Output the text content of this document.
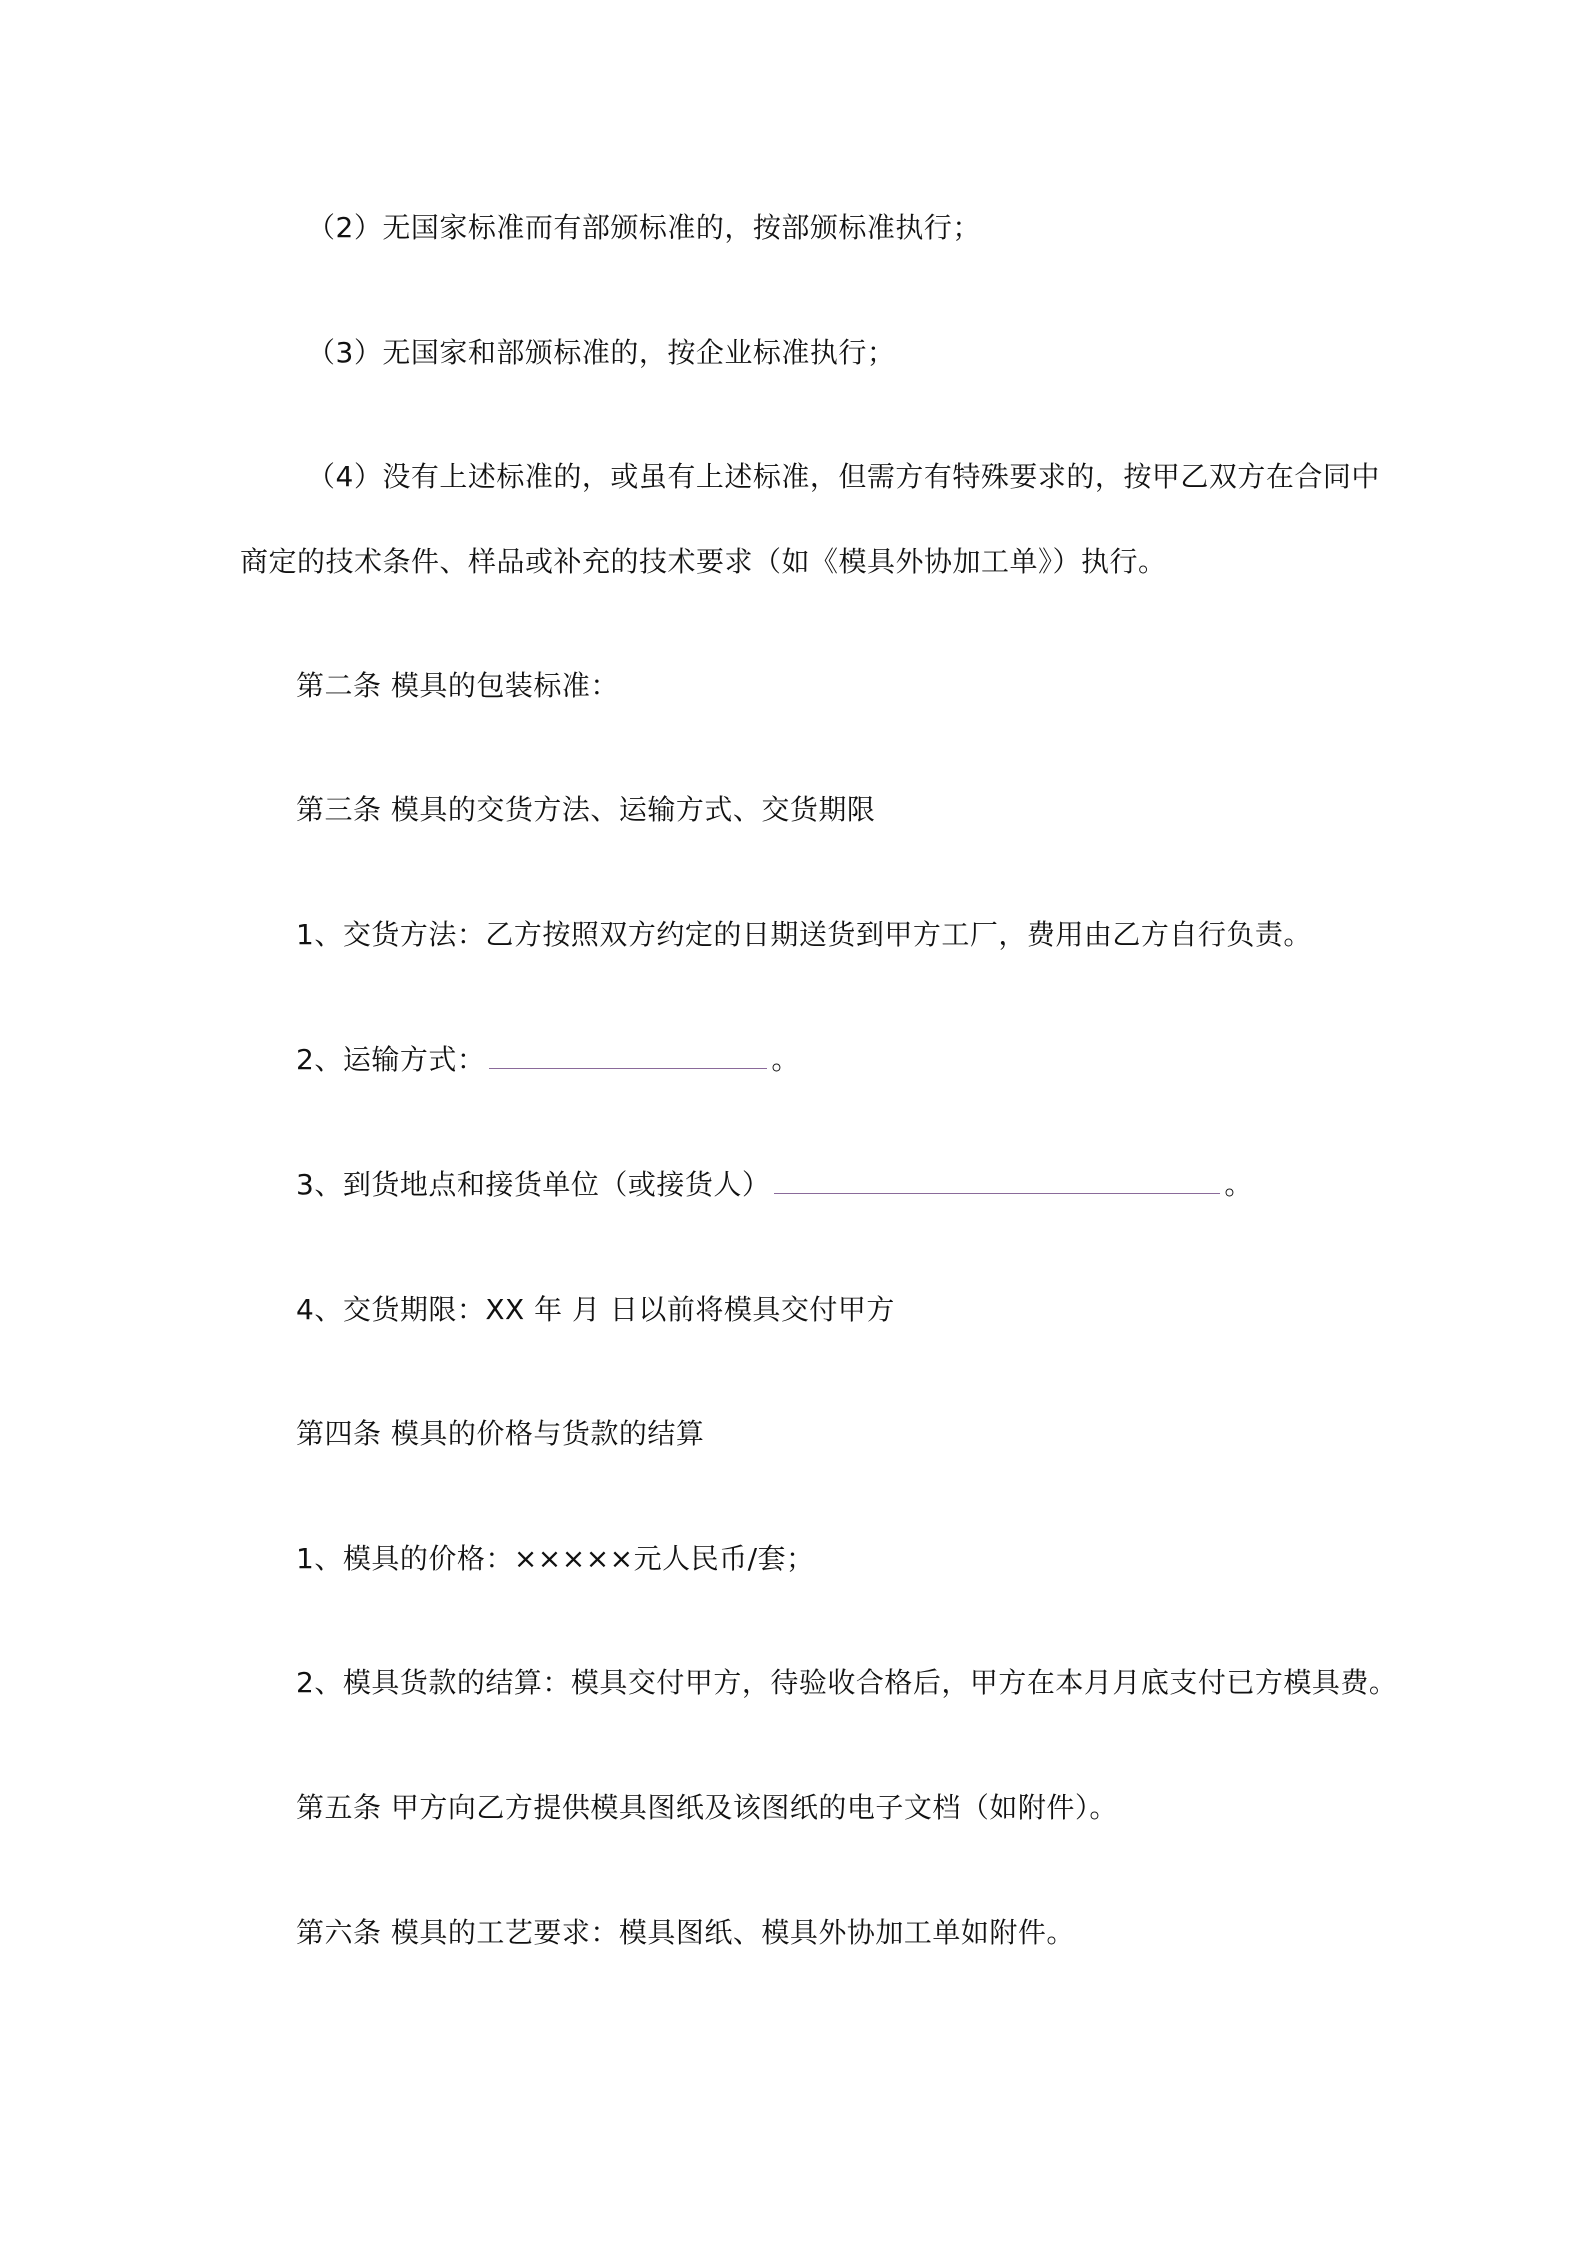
（2）无国家标准而有部颁标准的，按部颁标准执行；
（3）无国家和部颁标准的，按企业标准执行；
（4）没有上述标准的，或虽有上述标准，但需方有特殊要求的，按甲乙双方在合同中
商定的技术条件、样品或补充的技术要求（如《模具外协加工单》）执行。
第二条 模具的包装标准：
第三条 模具的交货方法、运输方式、交货期限
1、交货方法：乙方按照双方约定的日期送货到甲方工厂，费用由乙方自行负责。
2、运输方式：	。
3、到货地点和接货单位（或接货人）	。
4、交货期限：XX 年 月 日以前将模具交付甲方
第四条 模具的价格与货款的结算
1、模具的价格：×××××元人民币/套；
2、模具货款的结算：模具交付甲方，待验收合格后，甲方在本月月底支付已方模具费。
第五条 甲方向乙方提供模具图纸及该图纸的电子文档（如附件）。
第六条 模具的工艺要求：模具图纸、模具外协加工单如附件。
